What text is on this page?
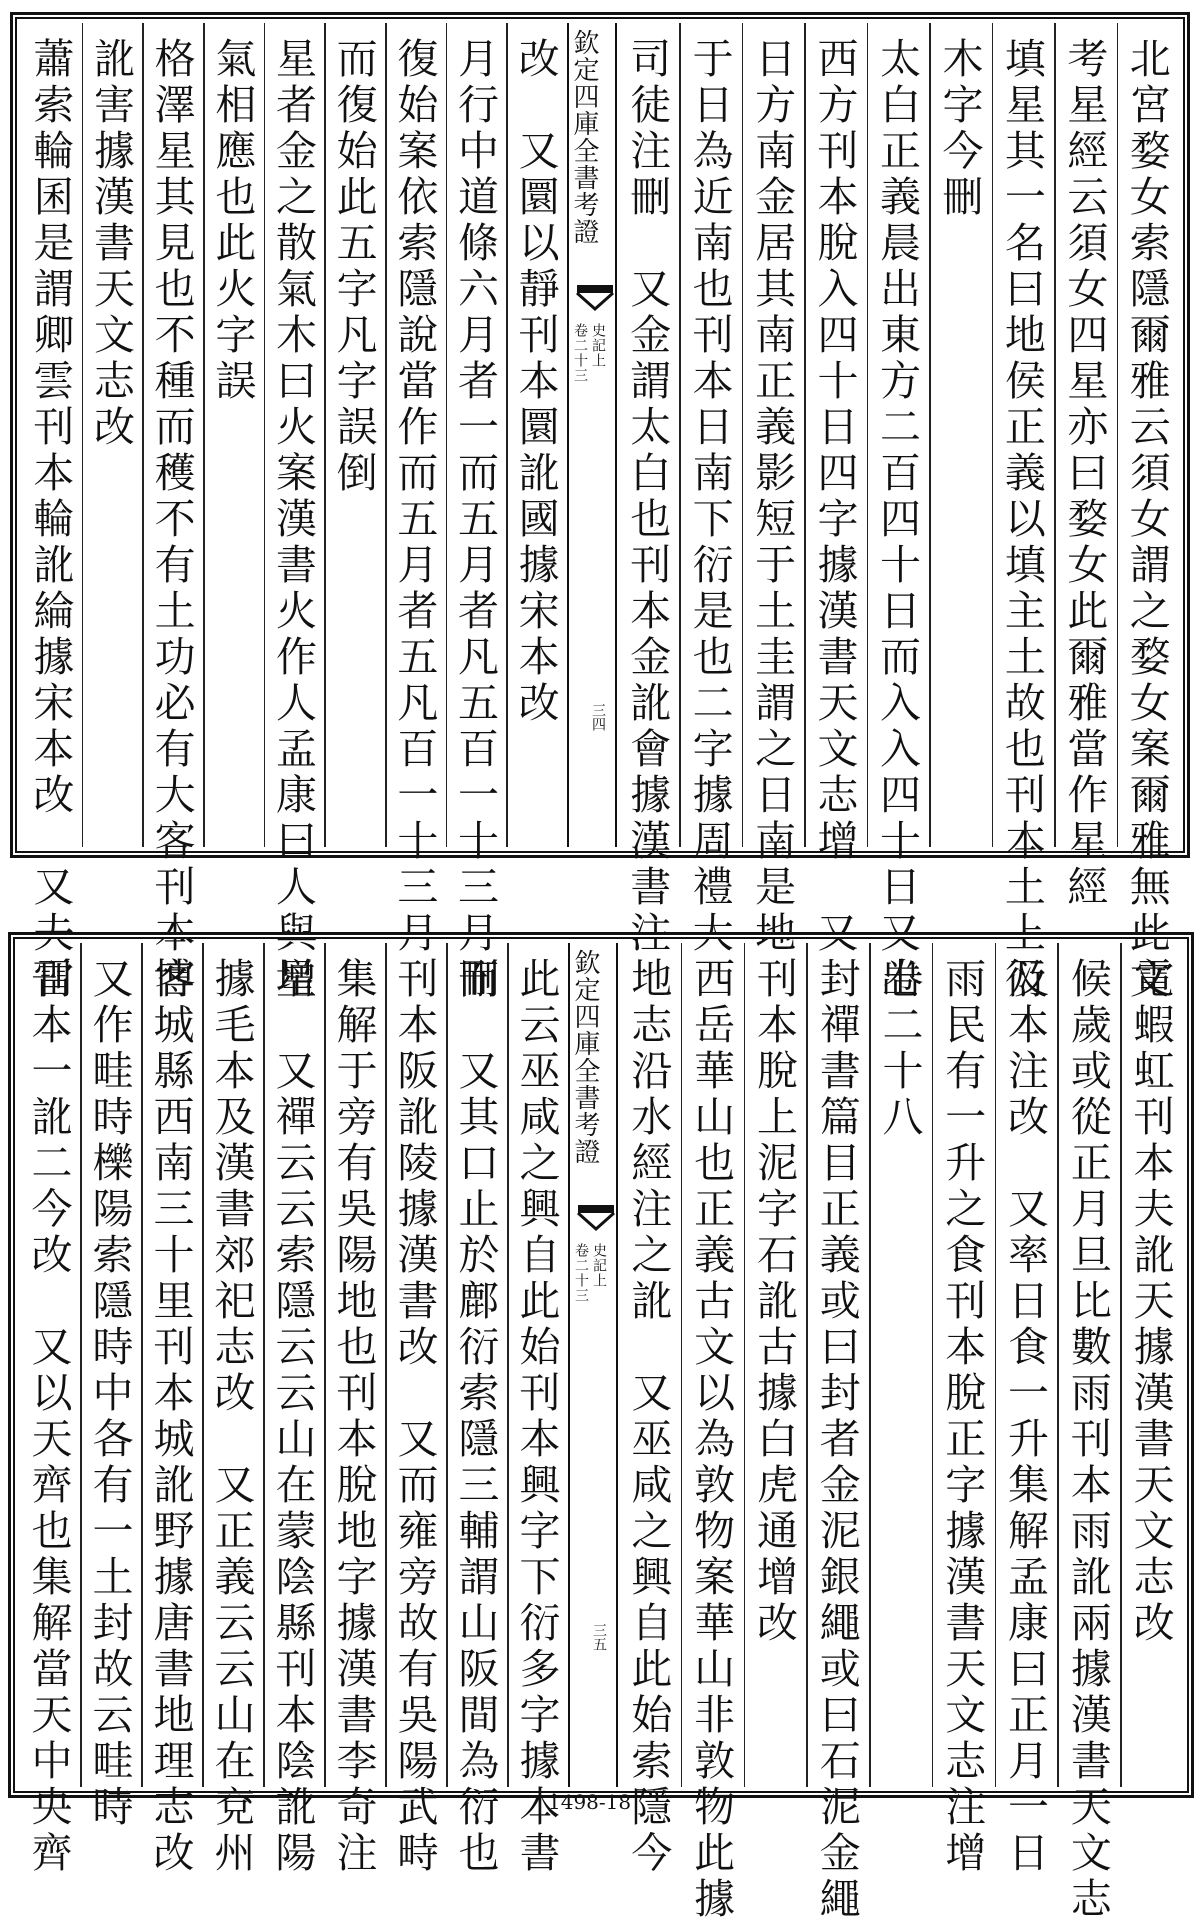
北宮婺女索隱爾雅云須女謂之婺女案爾雅無此文
考星經云須女四星亦曰婺女此爾雅當作星經
填星其一名曰地侯正義以填主土故也刊本土上衍
木字今刪
太白正義晨出東方二百四十日而入入四十日又出
西方刊本脫入四十日四字據漢書天文志增　又
日方南金居其南正義影短于土圭謂之日南是地
于日為近南也刊本日南下衍是也二字據周禮大
司徒注刪　又金謂太白也刊本金訛會據漢書注
改　又圜以靜刊本圜訛國據宋本改
月行中道條六月者一而五月者凡五百一十三月而
復始案依索隱說當作而五月者五凡百一十三月
而復始此五字凡字誤倒
星者金之散氣木曰火案漢書火作人孟康曰人與星
氣相應也此火字誤
格澤星其見也不種而穫不有土功必有大客刊本客
訛害據漢書天文志改
蕭索輪囷是謂卿雲刊本輪訛綸據宋本改　又夫雷	欽定四庫全書考證
史記上
卷二十三
三四
電蝦虹刊本夫訛天據漢書天文志改
候歲或從正月旦比數雨刊本雨訛兩據漢書天文志
及本注改　又率日食一升集解孟康曰正月一日
雨民有一升之食刊本脫正字據漢書天文志注增
卷二十八
封禪書篇目正義或曰封者金泥銀繩或曰石泥金繩
刊本脫上泥字石訛古據白虎通增改
西岳華山也正義古文以為敦物案華山非敦物此據
地志沿水經注之訛　又巫咸之興自此始索隱今
此云巫咸之興自此始刊本興字下衍多字據本書
刪　又其口止於鄜衍索隱三輔謂山阪間為衍也
刊本阪訛陵據漢書改　又而雍旁故有吳陽武畤
集解于旁有吳陽地也刊本脫地字據漢書李奇注
增　又禪云云索隱云云山在蒙陰縣刊本陰訛陽
據毛本及漢書郊祀志改　又正義云云山在兗州
博城縣西南三十里刊本城訛野據唐書地理志改
又作畦時櫟陽索隱時中各有一土封故云畦時
刊本一訛二今改　又以天齊也集解當天中央齊	欽定四庫全書考證
史記上
卷二十三
三五
1498-18
